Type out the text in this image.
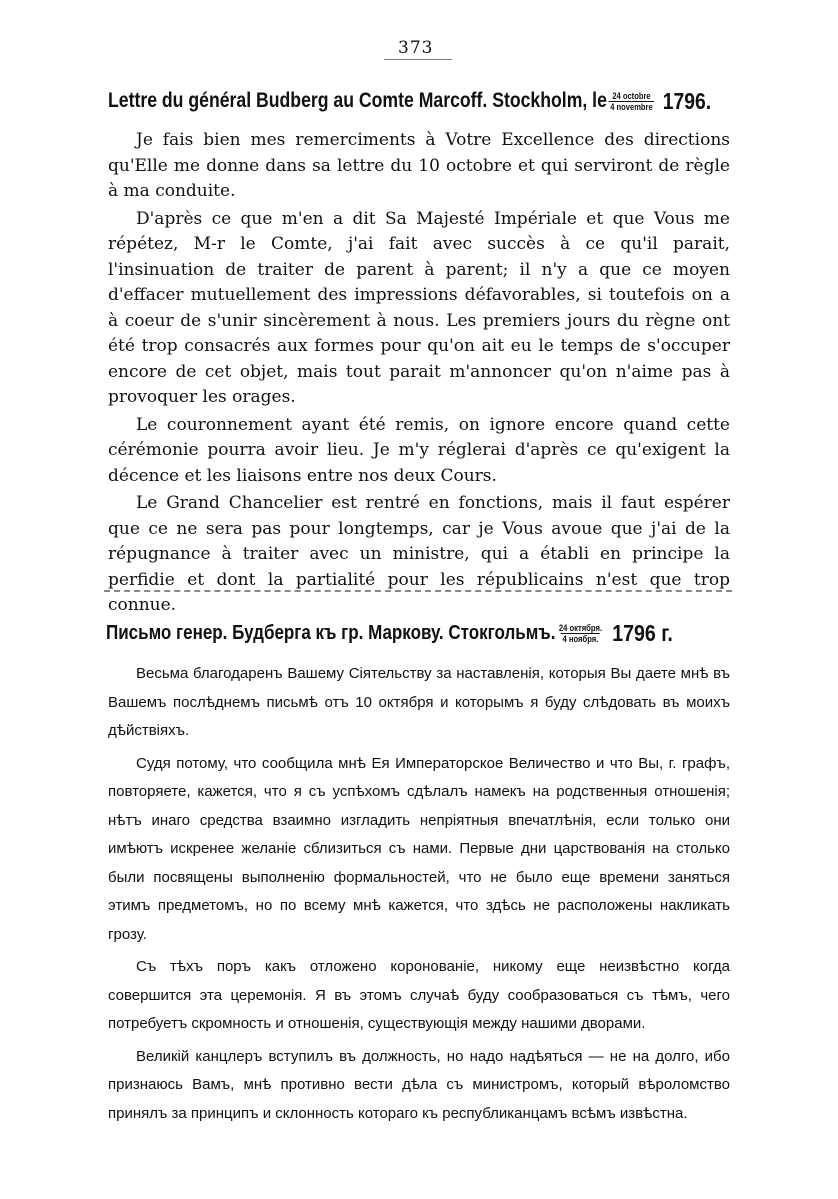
373
Lettre du général Budberg au Comte Marcoff. Stockholm, le $\frac{\text{24 octobre}}{\text{4 novembre}} 1796$.

Je fais bien mes remerciments à Votre Excellence des directions qu'Elle me donne dans sa lettre du 10 octobre et qui serviront de règle à ma conduite.

D'après ce que m'en a dit Sa Majesté Impériale et que Vous me répétez, M-r le Comte, j'ai fait avec succès à ce qu'il parait, l'insinuation de traiter de parent à parent; il n'y a que ce moyen d'effacer mutuellement des impressions défavorables, si toutefois on a à coeur de s'unir sincèrement à nous. Les premiers jours du règne ont été trop consacrés aux formes pour qu'on ait eu le temps de s'occuper encore de cet objet, mais tout parait m'annoncer qu'on n'aime pas à provoquer les orages.

Le couronnement ayant été remis, on ignore encore quand cette cérémonie pourra avoir lieu. Je m'y réglerai d'après ce qu'exigent la décence et les liaisons entre nos deux Cours.

Le Grand Chancelier est rentré en fonctions, mais il faut espérer que ce ne sera pas pour longtemps, car je Vous avoue que j'ai de la répugnance à traiter avec un ministre, qui a établi en principe la perfidie et dont la partialité pour les républicains n'est que trop connue.

Письмо генер. Будберга къ гр. Маркову. Стокгольмъ. $\frac{\text{24 октября.}}{\text{4 ноября.}} 1796$ г.

Весьма благодаренъ Вашему Сіятельству за наставленія, которыя Вы даете мнѣ въ Вашемъ послѣднемъ письмѣ отъ 10 октября и которымъ я буду слѣдовать въ моихъ дѣйствіяхъ.

Судя потому, что сообщила мнѣ Ея Императорское Величество и что Вы, г. графъ, повторяете, кажется, что я съ успѣхомъ сдѣлалъ намекъ на родственныя отношенія; нѣтъ инаго средства взаимно изгладить непріятныя впечатлѣнія, если только они имѣютъ искренее желаніе сблизиться съ нами. Первые дни царствованія на столько были посвящены выполненію формальностей, что не было еще времени заняться этимъ предметомъ, но по всему мнѣ кажется, что здѣсь не расположены накликать грозу.

Съ тѣхъ поръ какъ отложено коронованіе, никому еще неизвѣстно когда совершится эта церемонія. Я въ этомъ случаѣ буду сообразоваться съ тѣмъ, чего потребуетъ скромность и отношенія, существующія между нашими дворами.

Великій канцлеръ вступилъ въ должность, но надо надѣяться — не на долго, ибо признаюсь Вамъ, мнѣ противно вести дѣла съ министромъ, который вѣроломство принялъ за принципъ и склонность котораго къ республиканцамъ всѣмъ извѣстна.
